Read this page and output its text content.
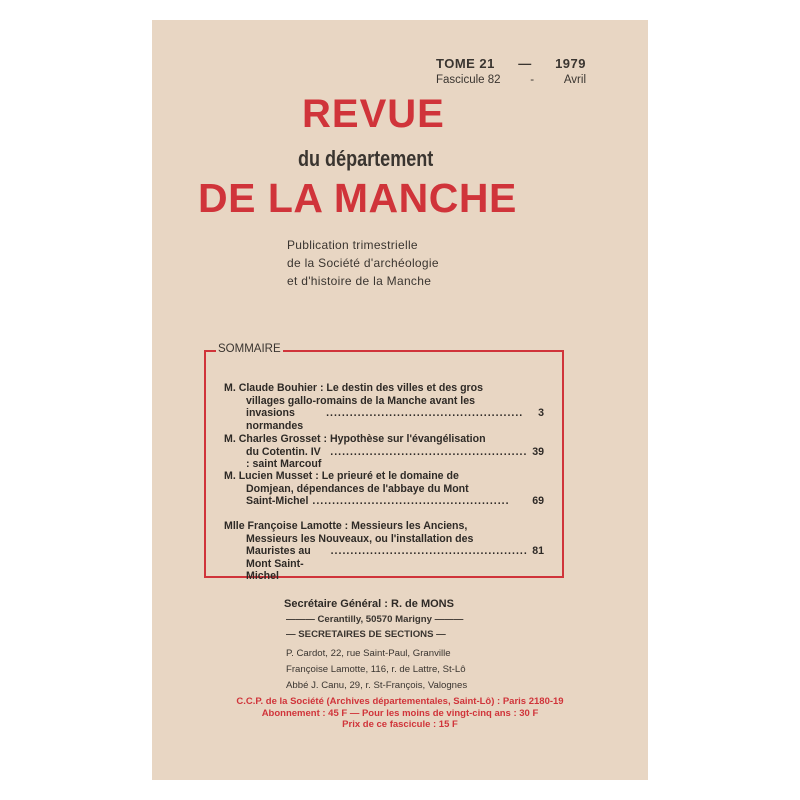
TOME 21 — 1979
Fascicule 82	-	Avril
REVUE
du département
DE LA MANCHE
Publication trimestrielle
de la Société d'archéologie
et d'histoire de la Manche
SOMMAIRE
M. Claude Bouhier : Le destin des villes et des gros
villages gallo-romains de la Manche avant les
invasions normandes
..................................................	3
M. Charles Grosset : Hypothèse sur l'évangélisation
du Cotentin. IV : saint Marcouf
.................................................. 39
M. Lucien Musset : Le prieuré et le domaine de
Domjean, dépendances de l'abbaye du Mont
Saint-Michel ..................................................	69
Mlle Françoise Lamotte : Messieurs les Anciens,
Messieurs les Nouveaux, ou l'installation des
Mauristes au Mont Saint-Michel
.................................................. 81
Secrétaire Général : R. de MONS
——— Cerantilly, 50570 Marigny ———
— SECRETAIRES DE SECTIONS —
P. Cardot, 22, rue Saint-Paul, Granville
Françoise Lamotte, 116, r. de Lattre, St-Lô
Abbé J. Canu, 29, r. St-François, Valognes
C.C.P. de la Société (Archives départementales, Saint-Lô) : Paris 2180-19
Abonnement : 45 F — Pour les moins de vingt-cinq ans : 30 F
Prix de ce fascicule : 15 F
